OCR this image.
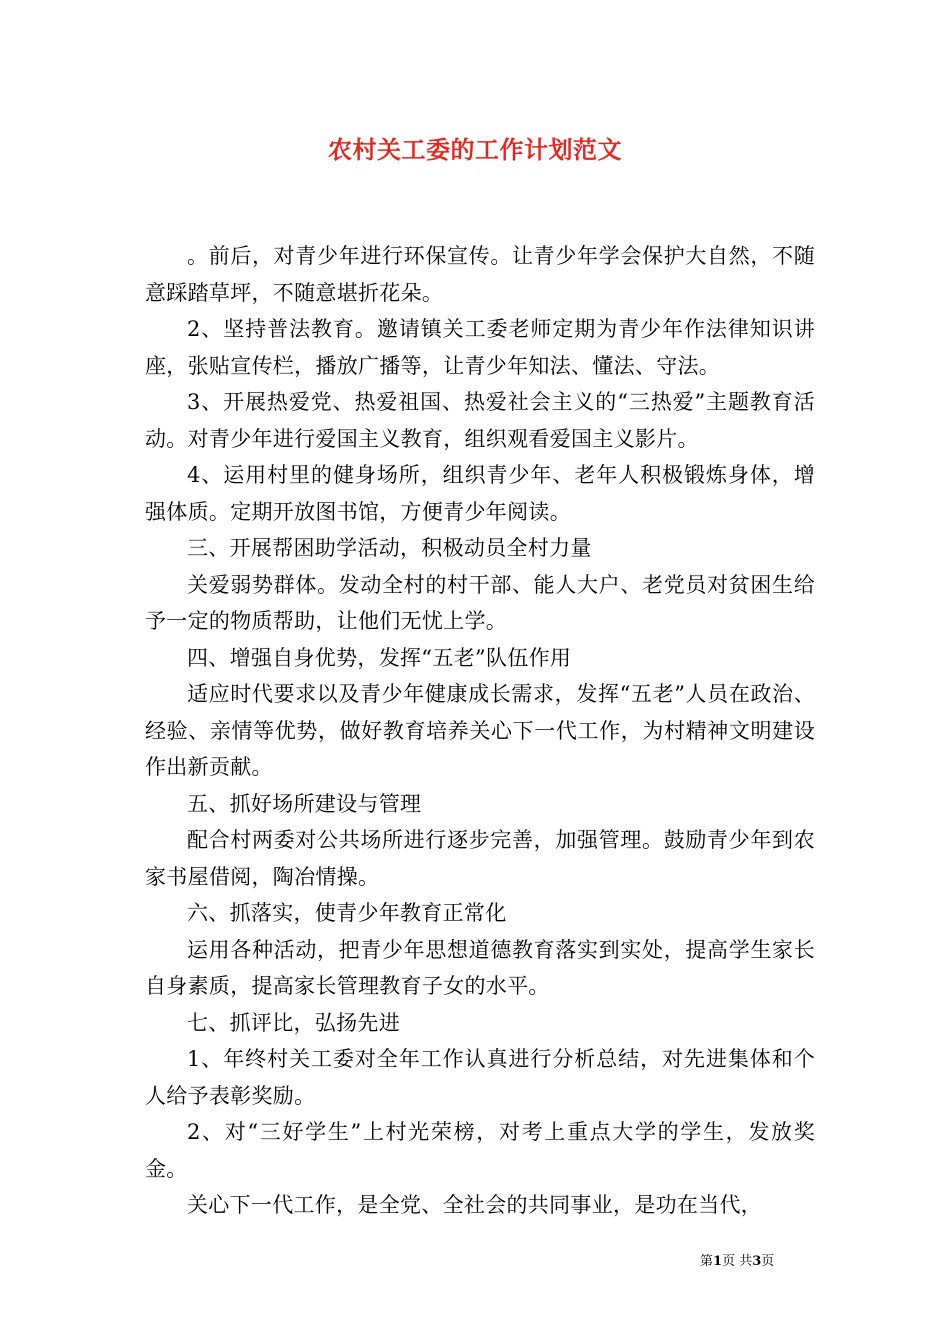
农村关工委的工作计划范文

。前后，对青少年进行环保宣传。让青少年学会保护大自然，不随意踩踏草坪，不随意堪折花朵。

2、坚持普法教育。邀请镇关工委老师定期为青少年作法律知识讲座，张贴宣传栏，播放广播等，让青少年知法、懂法、守法。

3、开展热爱党、热爱祖国、热爱社会主义的“三热爱”主题教育活动。对青少年进行爱国主义教育，组织观看爱国主义影片。

4、运用村里的健身场所，组织青少年、老年人积极锻炼身体，增强体质。定期开放图书馆，方便青少年阅读。

三、开展帮困助学活动，积极动员全村力量

关爱弱势群体。发动全村的村干部、能人大户、老党员对贫困生给予一定的物质帮助，让他们无忧上学。

四、增强自身优势，发挥“五老”队伍作用

适应时代要求以及青少年健康成长需求，发挥“五老”人员在政治、经验、亲情等优势，做好教育培养关心下一代工作，为村精神文明建设作出新贡献。

五、抓好场所建设与管理

配合村两委对公共场所进行逐步完善，加强管理。鼓励青少年到农家书屋借阅，陶冶情操。

六、抓落实，使青少年教育正常化

运用各种活动，把青少年思想道德教育落实到实处，提高学生家长自身素质，提高家长管理教育子女的水平。

七、抓评比，弘扬先进

1、年终村关工委对全年工作认真进行分析总结，对先进集体和个人给予表彰奖励。

2、对“三好学生”上村光荣榜，对考上重点大学的学生，发放奖金。

关心下一代工作，是全党、全社会的共同事业，是功在当代，

第1页 共3页
